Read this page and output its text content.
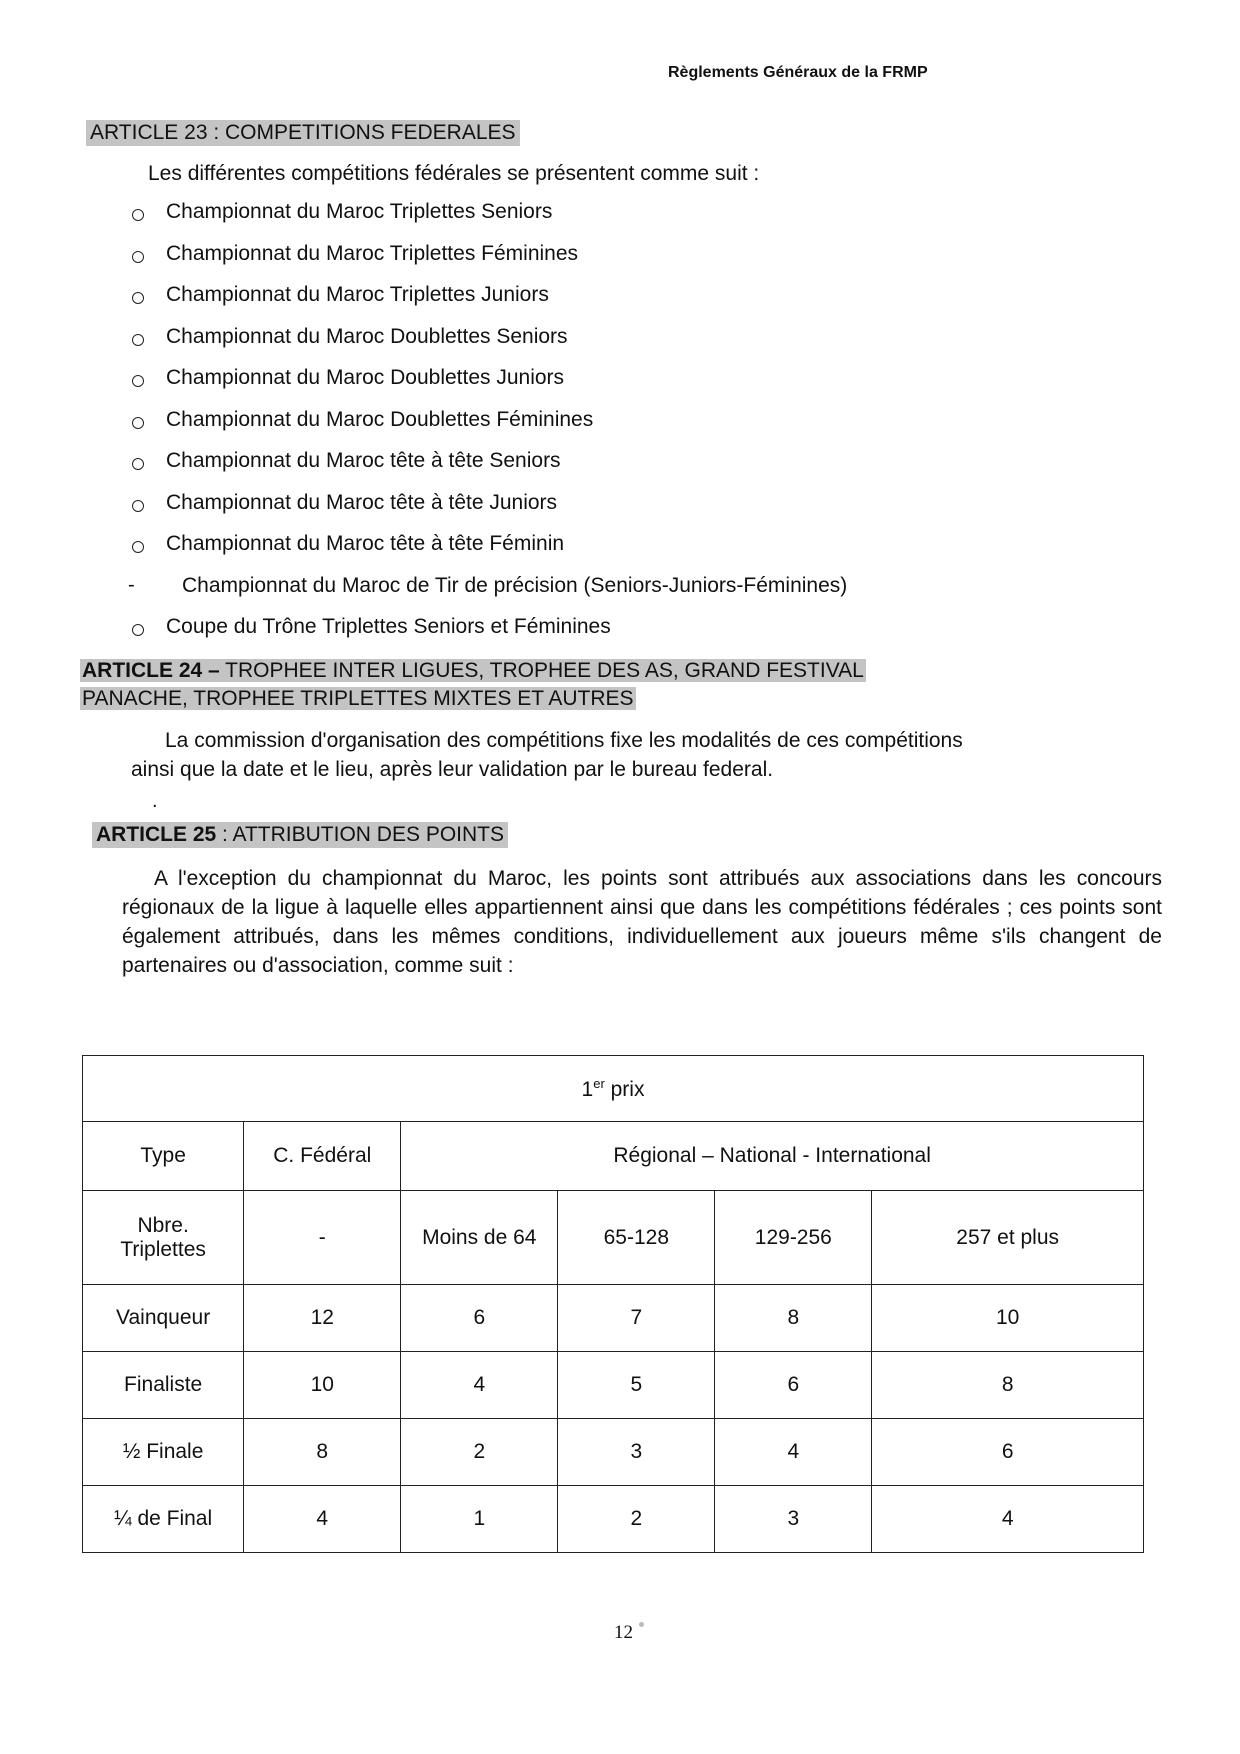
Règlements Généraux de la FRMP
ARTICLE 23 : COMPETITIONS FEDERALES
Les différentes compétitions fédérales se présentent comme suit :
Championnat du Maroc Triplettes Seniors
Championnat du Maroc Triplettes Féminines
Championnat du Maroc Triplettes Juniors
Championnat du Maroc Doublettes Seniors
Championnat du Maroc Doublettes Juniors
Championnat du Maroc Doublettes Féminines
Championnat du Maroc tête à tête Seniors
Championnat du Maroc tête à tête Juniors
Championnat du Maroc tête à tête Féminin
-	Championnat du Maroc de Tir de précision (Seniors-Juniors-Féminines)
Coupe du Trône Triplettes Seniors et Féminines
ARTICLE 24 – TROPHEE INTER LIGUES, TROPHEE DES AS, GRAND FESTIVAL
PANACHE, TROPHEE TRIPLETTES MIXTES ET AUTRES
La commission d'organisation des compétitions fixe les modalités de ces compétitions
ainsi que la date et le lieu, après leur validation par le bureau federal.
.
ARTICLE 25 : ATTRIBUTION DES POINTS
A l'exception du championnat du Maroc, les points sont attribués aux associations dans les concours régionaux de la ligue à laquelle elles appartiennent ainsi que dans les compétitions fédérales ; ces points sont également attribués, dans les mêmes conditions, individuellement aux joueurs même s'ils changent de partenaires ou d'association, comme suit :
1er prix					
Type	C. Fédéral	Régional – National - International			
Nbre.
Triplettes	-	Moins de 64	65-128	129-256	257 et plus
Vainqueur	12	6	7	8	10
Finaliste	10	4	5	6	8
½ Finale	8	2	3	4	6
¼ de Final	4	1	2	3	4
12
